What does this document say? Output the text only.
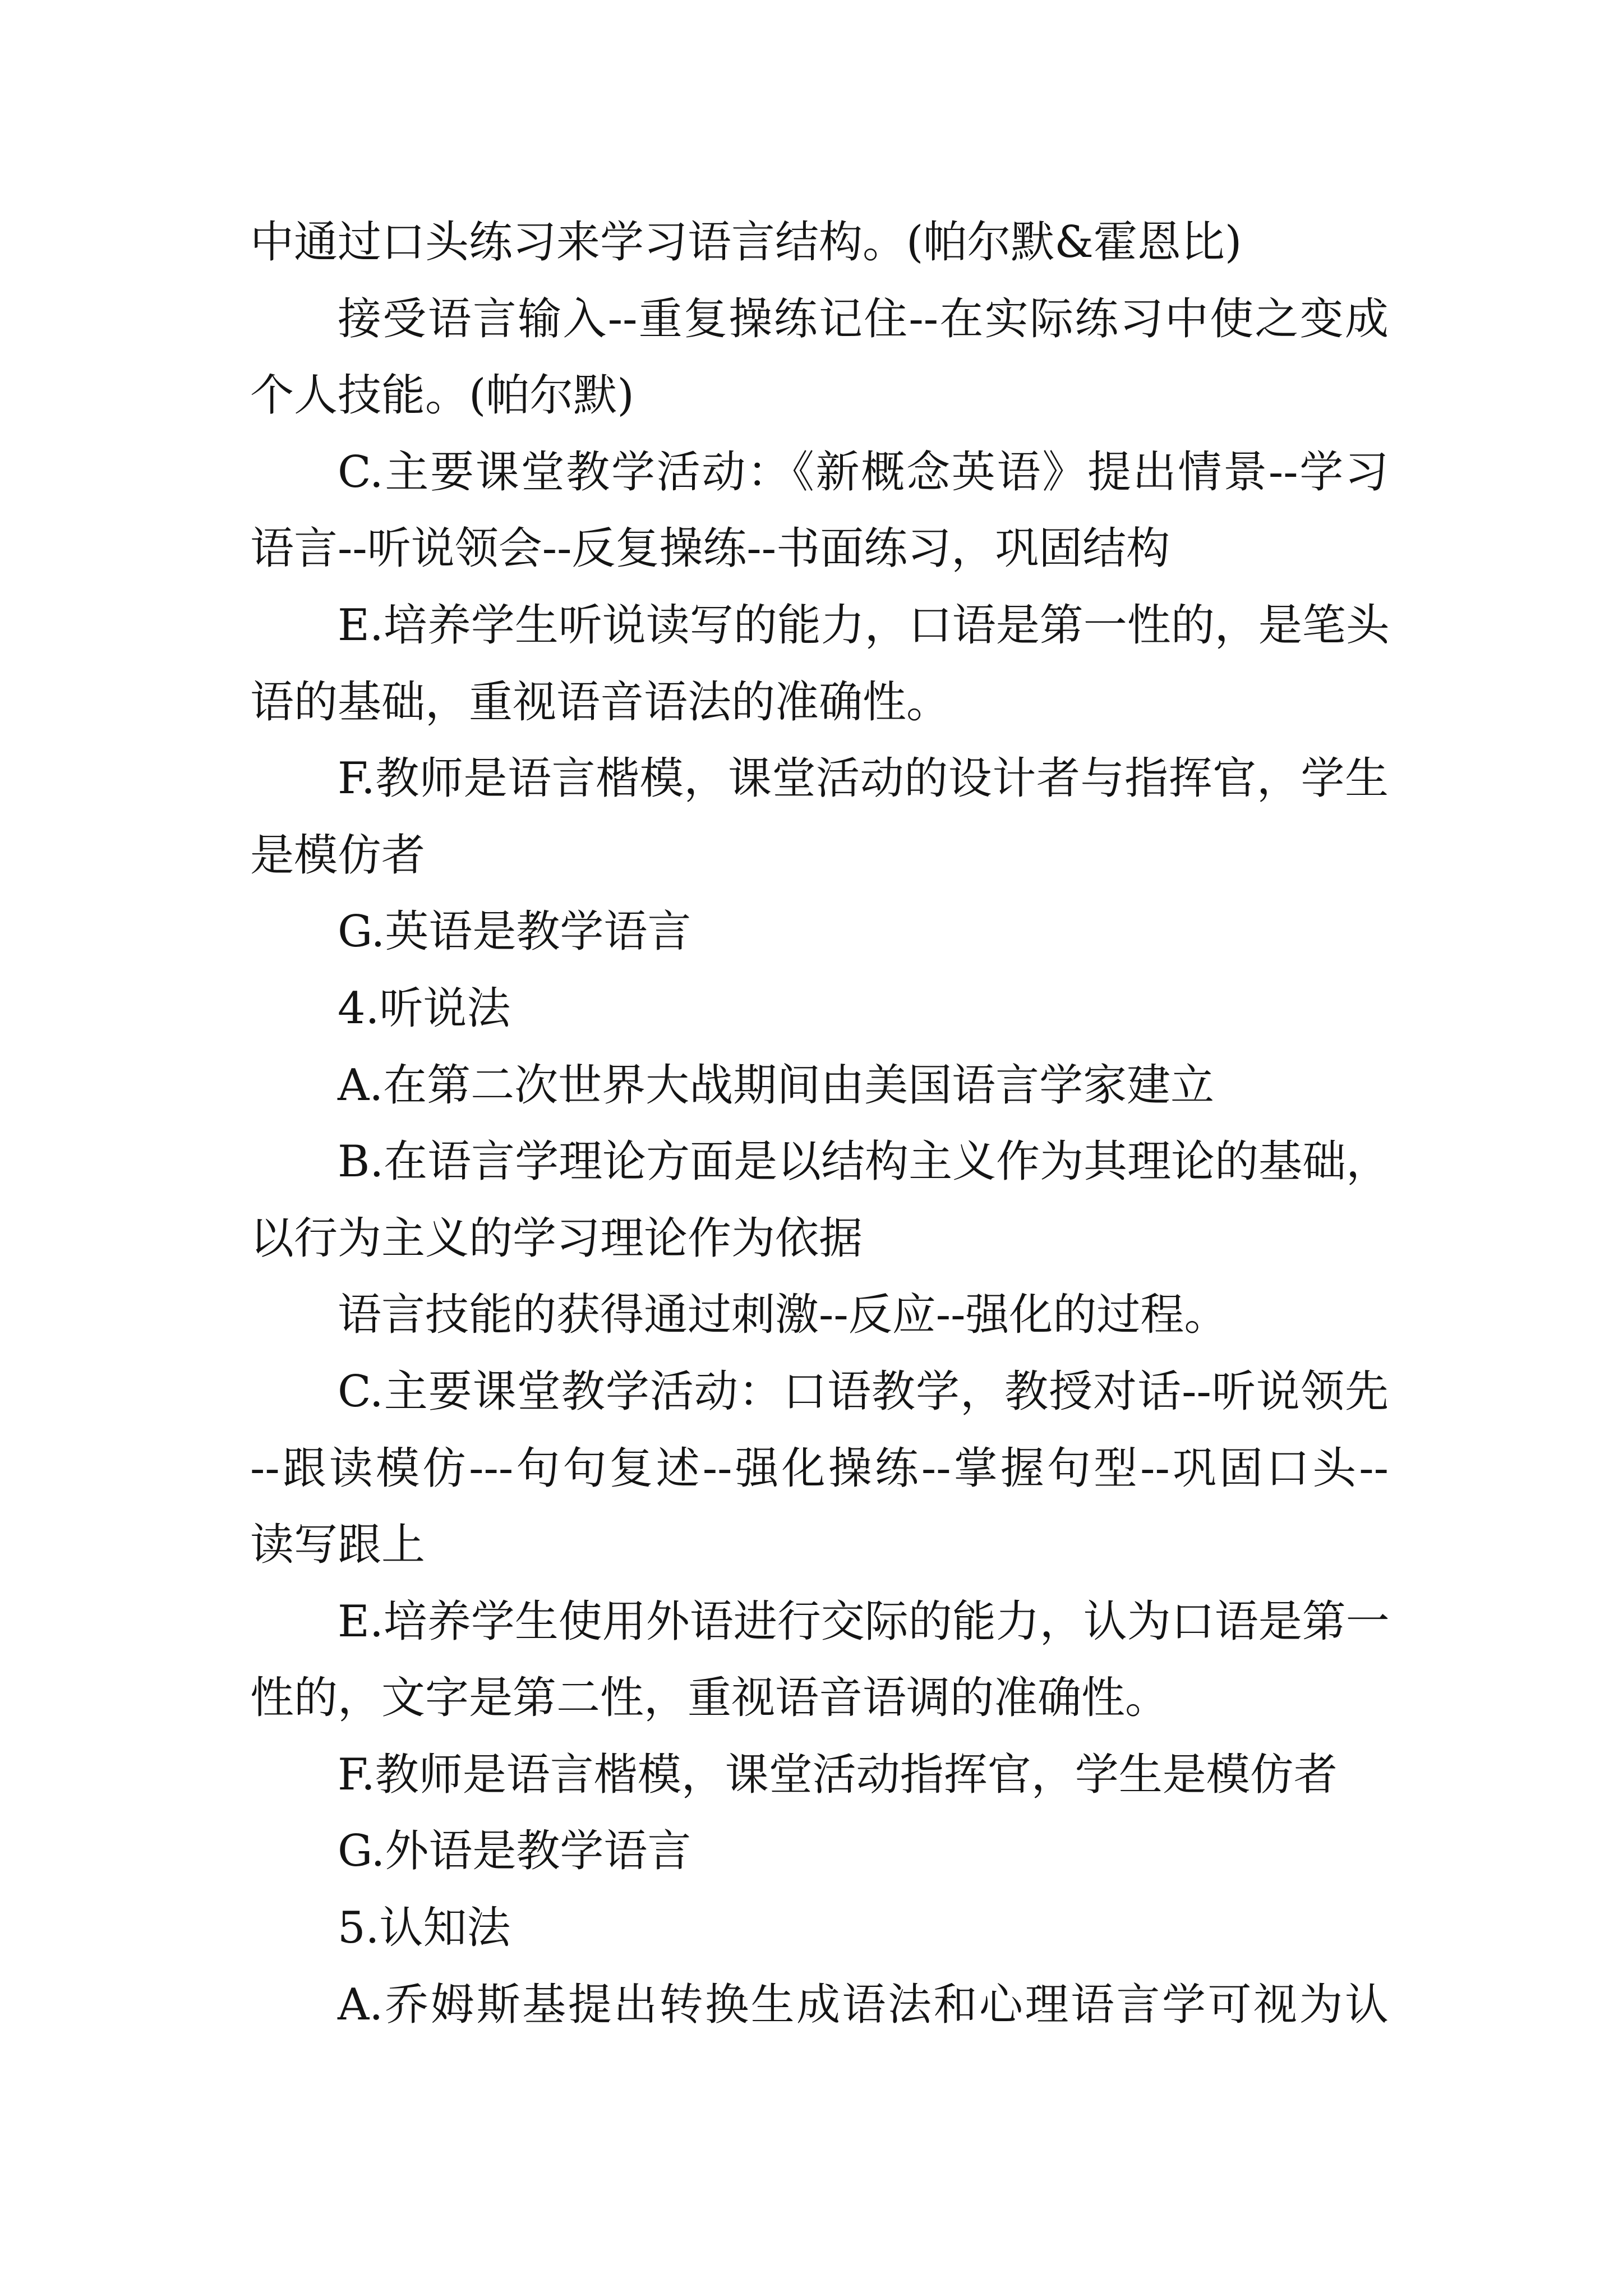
中通过口头练习来学习语言结构。(帕尔默&霍恩比)
接受语言输入--重复操练记住--在实际练习中使之变成
个人技能。(帕尔默)
C.主要课堂教学活动：《新概念英语》提出情景--学习
语言--听说领会--反复操练--书面练习，巩固结构
E.培养学生听说读写的能力，口语是第一性的，是笔头
语的基础，重视语音语法的准确性。
F.教师是语言楷模，课堂活动的设计者与指挥官，学生
是模仿者
G.英语是教学语言
4.听说法
A.在第二次世界大战期间由美国语言学家建立
B.在语言学理论方面是以结构主义作为其理论的基础，
以行为主义的学习理论作为依据
语言技能的获得通过刺激--反应--强化的过程。
C.主要课堂教学活动：口语教学，教授对话--听说领先
--跟读模仿---句句复述--强化操练--掌握句型--巩固口头--
读写跟上
E.培养学生使用外语进行交际的能力，认为口语是第一
性的，文字是第二性，重视语音语调的准确性。
F.教师是语言楷模，课堂活动指挥官，学生是模仿者
G.外语是教学语言
5.认知法
A.乔姆斯基提出转换生成语法和心理语言学可视为认
